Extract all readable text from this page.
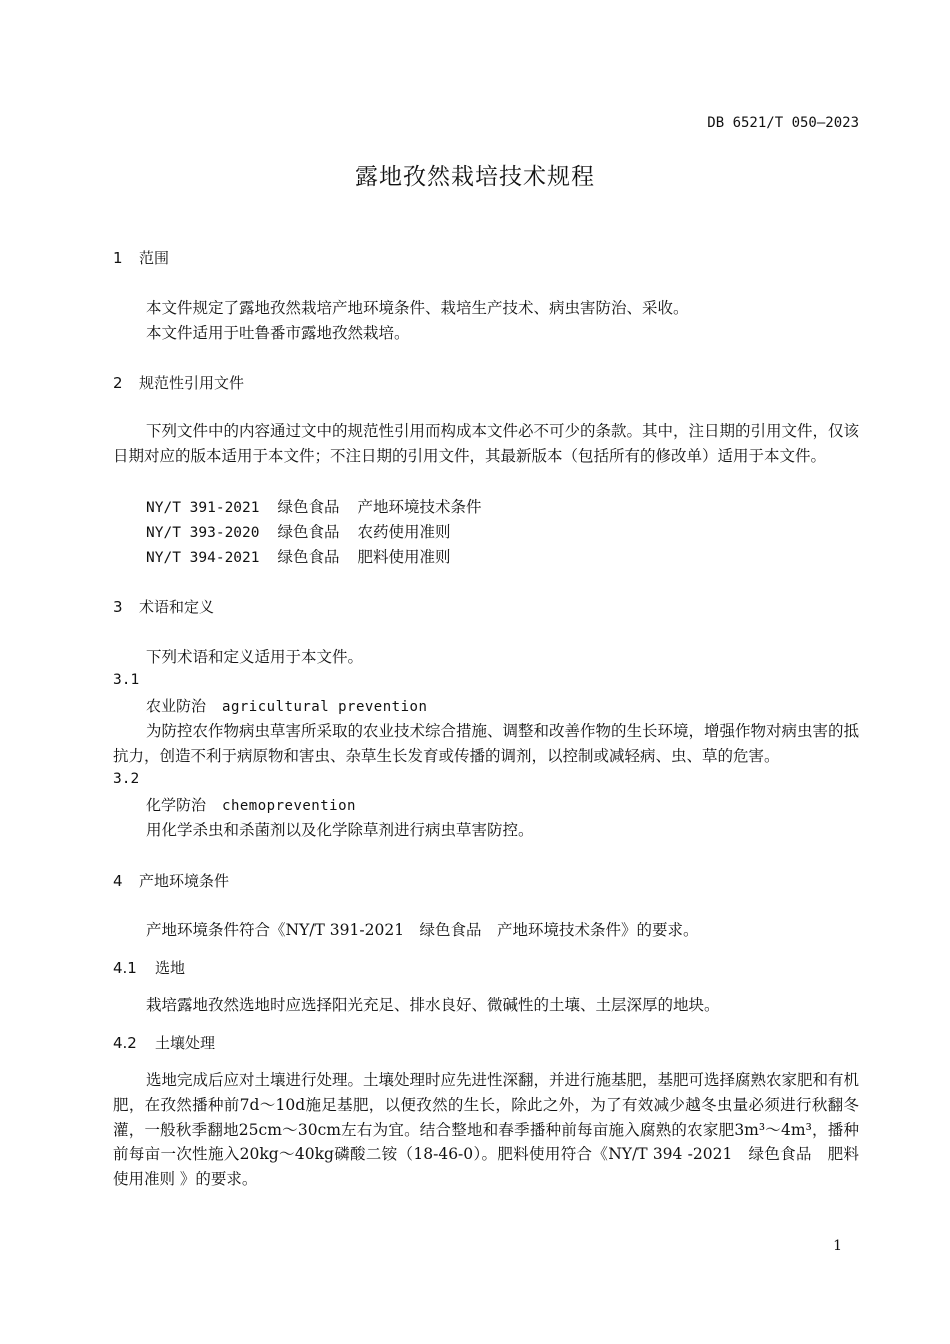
DB 6521/T 050—2023
露地孜然栽培技术规程
1 范围
本文件规定了露地孜然栽培产地环境条件、栽培生产技术、病虫害防治、采收。
本文件适用于吐鲁番市露地孜然栽培。
2 规范性引用文件
下列文件中的内容通过文中的规范性引用而构成本文件必不可少的条款。其中，注日期的引用文件，仅该日期对应的版本适用于本文件；不注日期的引用文件，其最新版本（包括所有的修改单）适用于本文件。
NY/T 391-2021 绿色食品 产地环境技术条件
NY/T 393-2020 绿色食品 农药使用准则
NY/T 394-2021 绿色食品 肥料使用准则
3 术语和定义
下列术语和定义适用于本文件。
3.1
农业防治 agricultural prevention
为防控农作物病虫草害所采取的农业技术综合措施、调整和改善作物的生长环境，增强作物对病虫害的抵抗力，创造不利于病原物和害虫、杂草生长发育或传播的调剂，以控制或减轻病、虫、草的危害。
3.2
化学防治 chemoprevention
用化学杀虫和杀菌剂以及化学除草剂进行病虫草害防控。
4 产地环境条件
产地环境条件符合《NY/T 391-2021　绿色食品　产地环境技术条件》的要求。
4.1 选地
栽培露地孜然选地时应选择阳光充足、排水良好、微碱性的土壤、土层深厚的地块。
4.2 土壤处理
选地完成后应对土壤进行处理。土壤处理时应先进性深翻，并进行施基肥，基肥可选择腐熟农家肥和有机肥，在孜然播种前7d～10d施足基肥，以便孜然的生长，除此之外，为了有效减少越冬虫量必须进行秋翻冬灌，一般秋季翻地25cm～30cm左右为宜。结合整地和春季播种前每亩施入腐熟的农家肥3m³～4m³，播种前每亩一次性施入20kg～40kg磷酸二铵（18-46-0）。肥料使用符合《NY/T 394 -2021　绿色食品　肥料使用准则 》的要求。
1
